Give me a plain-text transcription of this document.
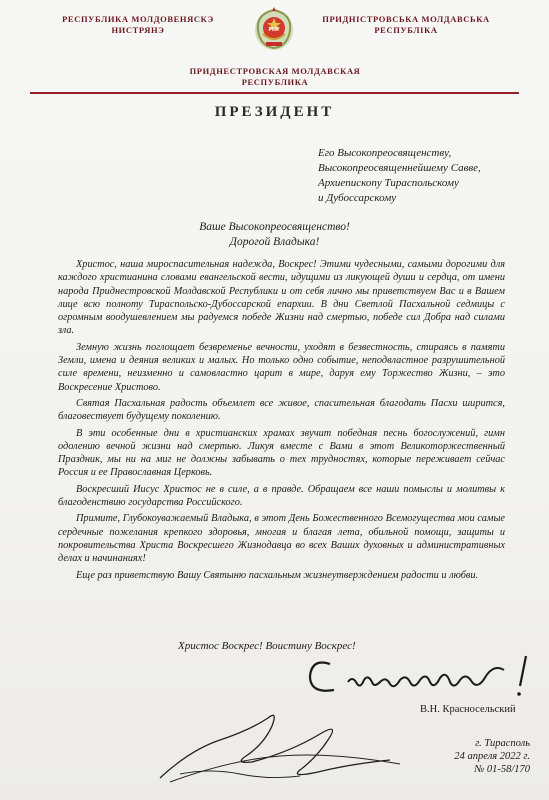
РЕСПУБЛИКА МОЛДОВЕНЯСКЭ
НИСТРЯНЭ	PMP
ПРИДНІСТРОВСЬКА МОЛДАВСЬКА
РЕСПУБЛІКА
ПРИДНЕСТРОВСКАЯ МОЛДАВСКАЯ
РЕСПУБЛИКА
ПРЕЗИДЕНТ
Его Высокопреосвященству,
Высокопреосвященнейшему Савве,
Архиепископу Тираспольскому
и Дубоссарскому
Ваше Высокопреосвященство!
Дорогой Владыка!

Христос, наша мироспасительная надежда, Воскрес! Этими чудесными, самыми дорогими для каждого христианина словами евангельской вести, идущими из ликующей души и сердца, от имени народа Приднестровской Молдавской Республики и от себя лично мы приветствуем Вас и в Вашем лице всю полноту Тираспольско-Дубоссарской епархии. В дни Светлой Пасхальной седмицы с огромным воодушевлением мы радуемся победе Жизни над смертью, победе сил Добра над силами зла.

Земную жизнь поглощает безвременье вечности, уходят в безвестность, стираясь в памяти Земли, имена и деяния великих и малых. Но только одно событие, неподвластное разрушительной силе времени, неизменно и самовластно царит в мире, даруя ему Торжество Жизни, – это Воскресение Христово.

Святая Пасхальная радость объемлет все живое, спасительная благодать Пасхи ширится, благовествует будущему поколению.

В эти особенные дни в христианских храмах звучит победная песнь богослужений, гимн одолению вечной жизни над смертью. Ликуя вместе с Вами в этот Великоторжественный Праздник, мы ни на миг не должны забывать о тех трудностях, которые переживает сейчас Россия и ее Православная Церковь.

Воскресший Иисус Христос не в силе, а в правде. Обращаем все наши помыслы и молитвы к благоденствию государства Российского.

Примите, Глубокоуважаемый Владыка, в этот День Божественного Всемогущества мои самые сердечные пожелания крепкого здоровья, многая и благая лета, обильной помощи, защиты и покровительства Христа Воскресшего Жизнодавца во всех Ваших духовных и административных делах и начинаниях!

Еще раз приветствую Вашу Святыню пасхальным жизнеутверждением радости и любви.

Христос Воскрес! Воистину Воскрес!
В.Н. Красносельский
г. Тирасполь
24 апреля 2022 г.
№ 01-58/170
